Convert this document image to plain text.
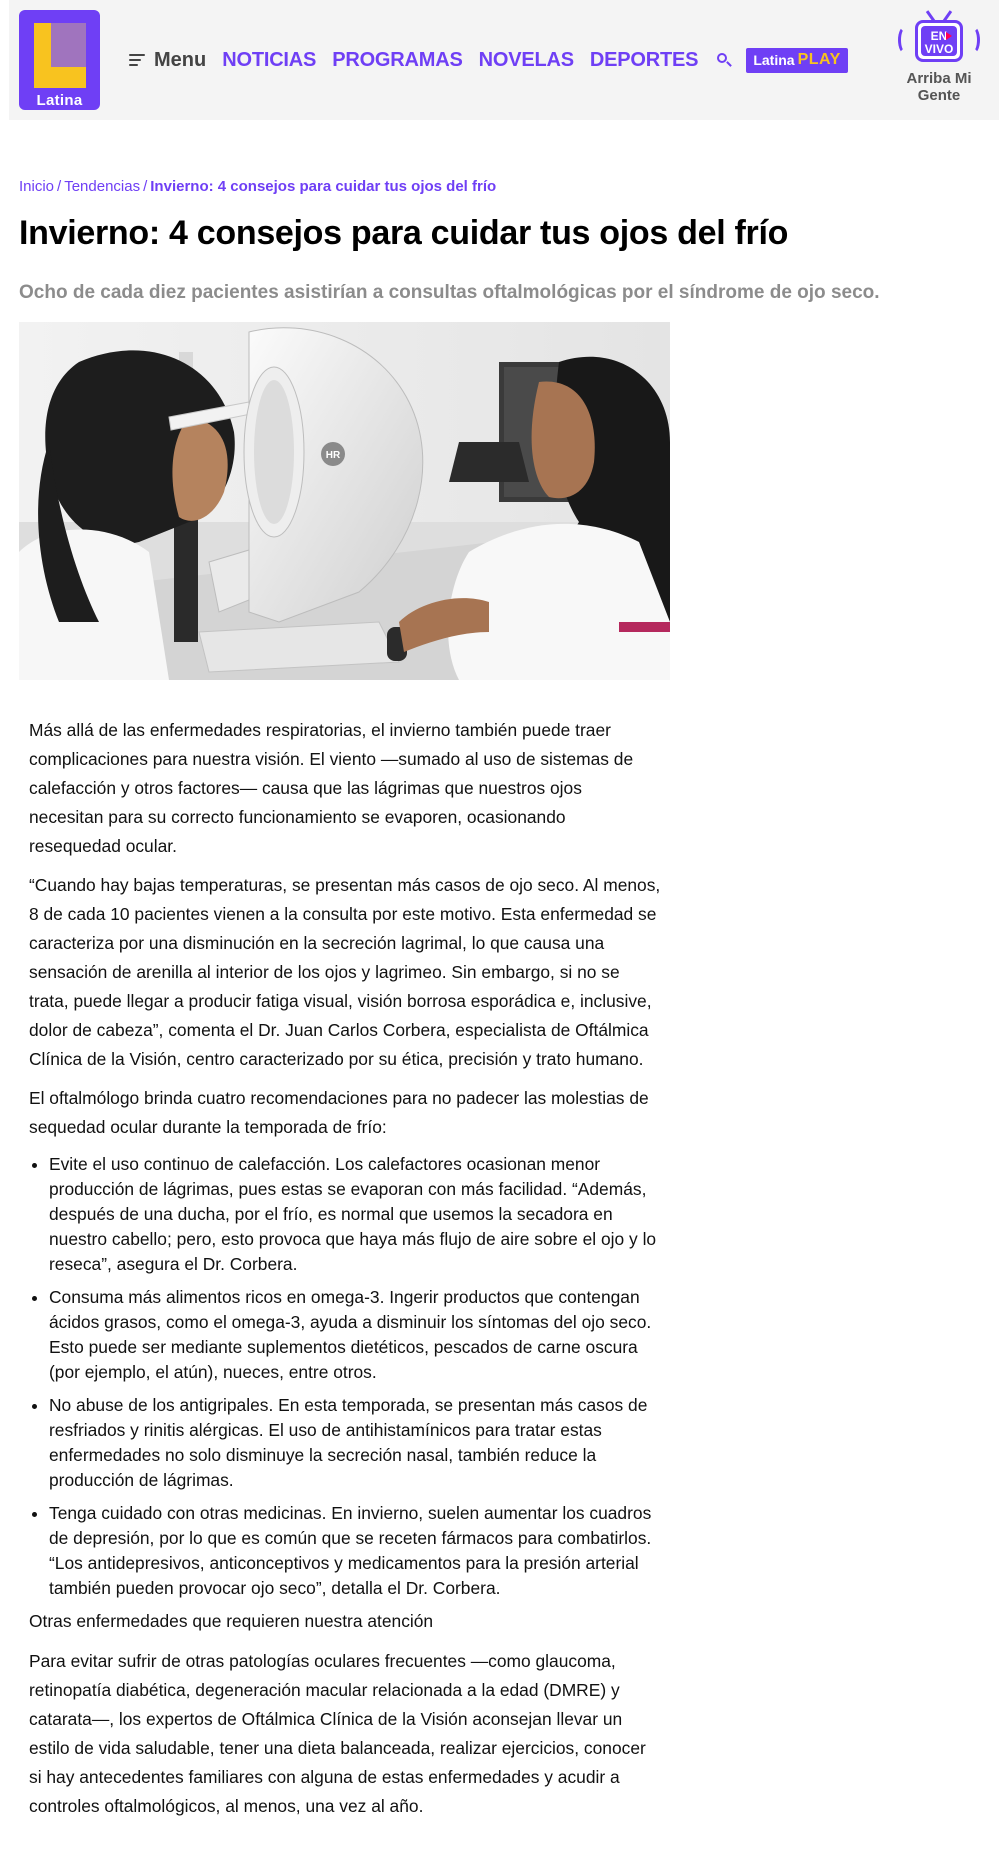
Latina
Menu NOTICIAS PROGRAMAS NOVELAS DEPORTES	Latina PLAY
EN
VIVO
Arriba Mi Gente
Inicio / Tendencias / Invierno: 4 consejos para cuidar tus ojos del frío
Invierno: 4 consejos para cuidar tus ojos del frío
Ocho de cada diez pacientes asistirían a consultas oftalmológicas por el síndrome de ojo seco.
HR

Más allá de las enfermedades respiratorias, el invierno también puede traer complicaciones para nuestra visión. El viento —sumado al uso de sistemas de calefacción y otros factores— causa que las lágrimas que nuestros ojos necesitan para su correcto funcionamiento se evaporen, ocasionando resequedad ocular.

“Cuando hay bajas temperaturas, se presentan más casos de ojo seco. Al menos, 8 de cada 10 pacientes vienen a la consulta por este motivo. Esta enfermedad se caracteriza por una disminución en la secreción lagrimal, lo que causa una sensación de arenilla al interior de los ojos y lagrimeo. Sin embargo, si no se trata, puede llegar a producir fatiga visual, visión borrosa esporádica e, inclusive, dolor de cabeza”, comenta el Dr. Juan Carlos Corbera, especialista de Oftálmica Clínica de la Visión, centro caracterizado por su ética, precisión y trato humano.

El oftalmólogo brinda cuatro recomendaciones para no padecer las molestias de sequedad ocular durante la temporada de frío:

• Evite el uso continuo de calefacción. Los calefactores ocasionan menor producción de lágrimas, pues estas se evaporan con más facilidad. “Además, después de una ducha, por el frío, es normal que usemos la secadora en nuestro cabello; pero, esto provoca que haya más flujo de aire sobre el ojo y lo reseca”, asegura el Dr. Corbera.
• Consuma más alimentos ricos en omega-3. Ingerir productos que contengan ácidos grasos, como el omega-3, ayuda a disminuir los síntomas del ojo seco. Esto puede ser mediante suplementos dietéticos, pescados de carne oscura (por ejemplo, el atún), nueces, entre otros.
• No abuse de los antigripales. En esta temporada, se presentan más casos de resfriados y rinitis alérgicas. El uso de antihistamínicos para tratar estas enfermedades no solo disminuye la secreción nasal, también reduce la producción de lágrimas.
• Tenga cuidado con otras medicinas. En invierno, suelen aumentar los cuadros de depresión, por lo que es común que se receten fármacos para combatirlos. “Los antidepresivos, anticonceptivos y medicamentos para la presión arterial también pueden provocar ojo seco”, detalla el Dr. Corbera.

Otras enfermedades que requieren nuestra atención

Para evitar sufrir de otras patologías oculares frecuentes —como glaucoma, retinopatía diabética, degeneración macular relacionada a la edad (DMRE) y catarata—, los expertos de Oftálmica Clínica de la Visión aconsejan llevar un estilo de vida saludable, tener una dieta balanceada, realizar ejercicios, conocer si hay antecedentes familiares con alguna de estas enfermedades y acudir a controles oftalmológicos, al menos, una vez al año.
